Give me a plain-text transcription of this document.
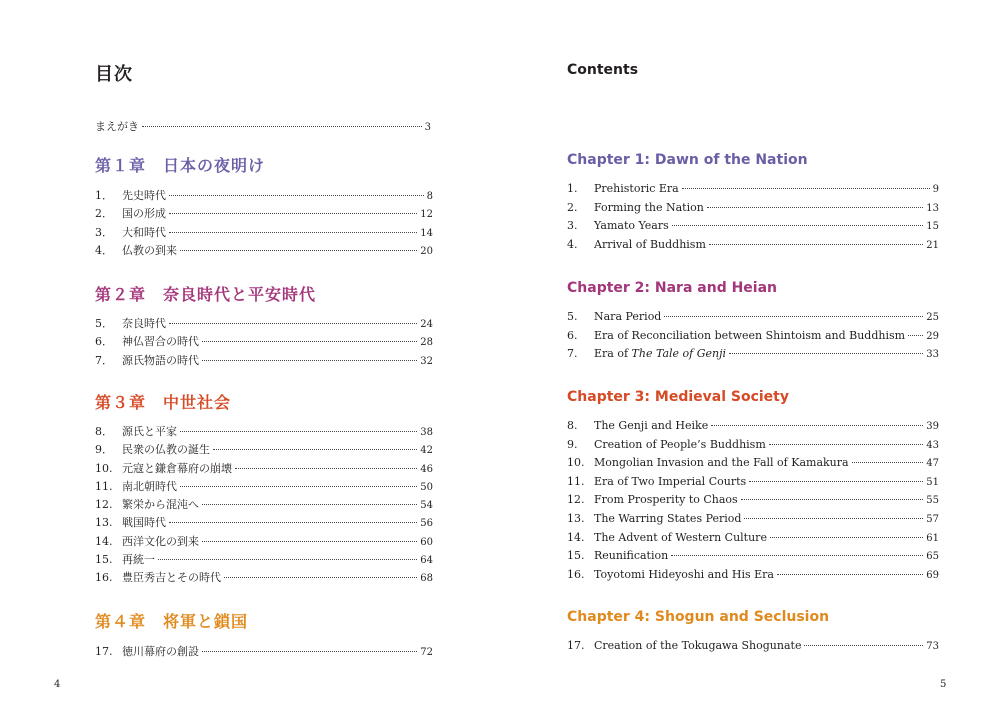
目次
まえがき	3
第１章　日本の夜明け
1． 先史時代	8
2． 国の形成	12
3． 大和時代	14
4． 仏教の到来	20
第２章　奈良時代と平安時代
5． 奈良時代	24
6． 神仏習合の時代	28
7． 源氏物語の時代	32
第３章　中世社会
8． 源氏と平家	38
9． 民衆の仏教の誕生	42
10. 元寇と鎌倉幕府の崩壊	46
11. 南北朝時代	50
12. 繁栄から混沌へ	54
13. 戦国時代	56
14. 西洋文化の到来	60
15. 再統一	64
16. 豊臣秀吉とその時代	68
第４章　将軍と鎖国
17. 徳川幕府の創設	72
4
Contents
Chapter 1: Dawn of the Nation
1.	Prehistoric Era	9
2.	Forming the Nation	13
3.	Yamato Years	15
4.	Arrival of Buddhism	21
Chapter 2: Nara and Heian
5.	Nara Period	25
6.	Era of Reconciliation between Shintoism and Buddhism 29
7.	Era of The Tale of Genji	33
Chapter 3: Medieval Society
8.	The Genji and Heike	39
9.	Creation of People’s Buddhism	43
10. Mongolian Invasion and the Fall of Kamakura	47
11. Era of Two Imperial Courts	51
12. From Prosperity to Chaos	55
13. The Warring States Period	57
14. The Advent of Western Culture	61
15. Reunification	65
16. Toyotomi Hideyoshi and His Era	69
Chapter 4: Shogun and Seclusion
17. Creation of the Tokugawa Shogunate	73
5
